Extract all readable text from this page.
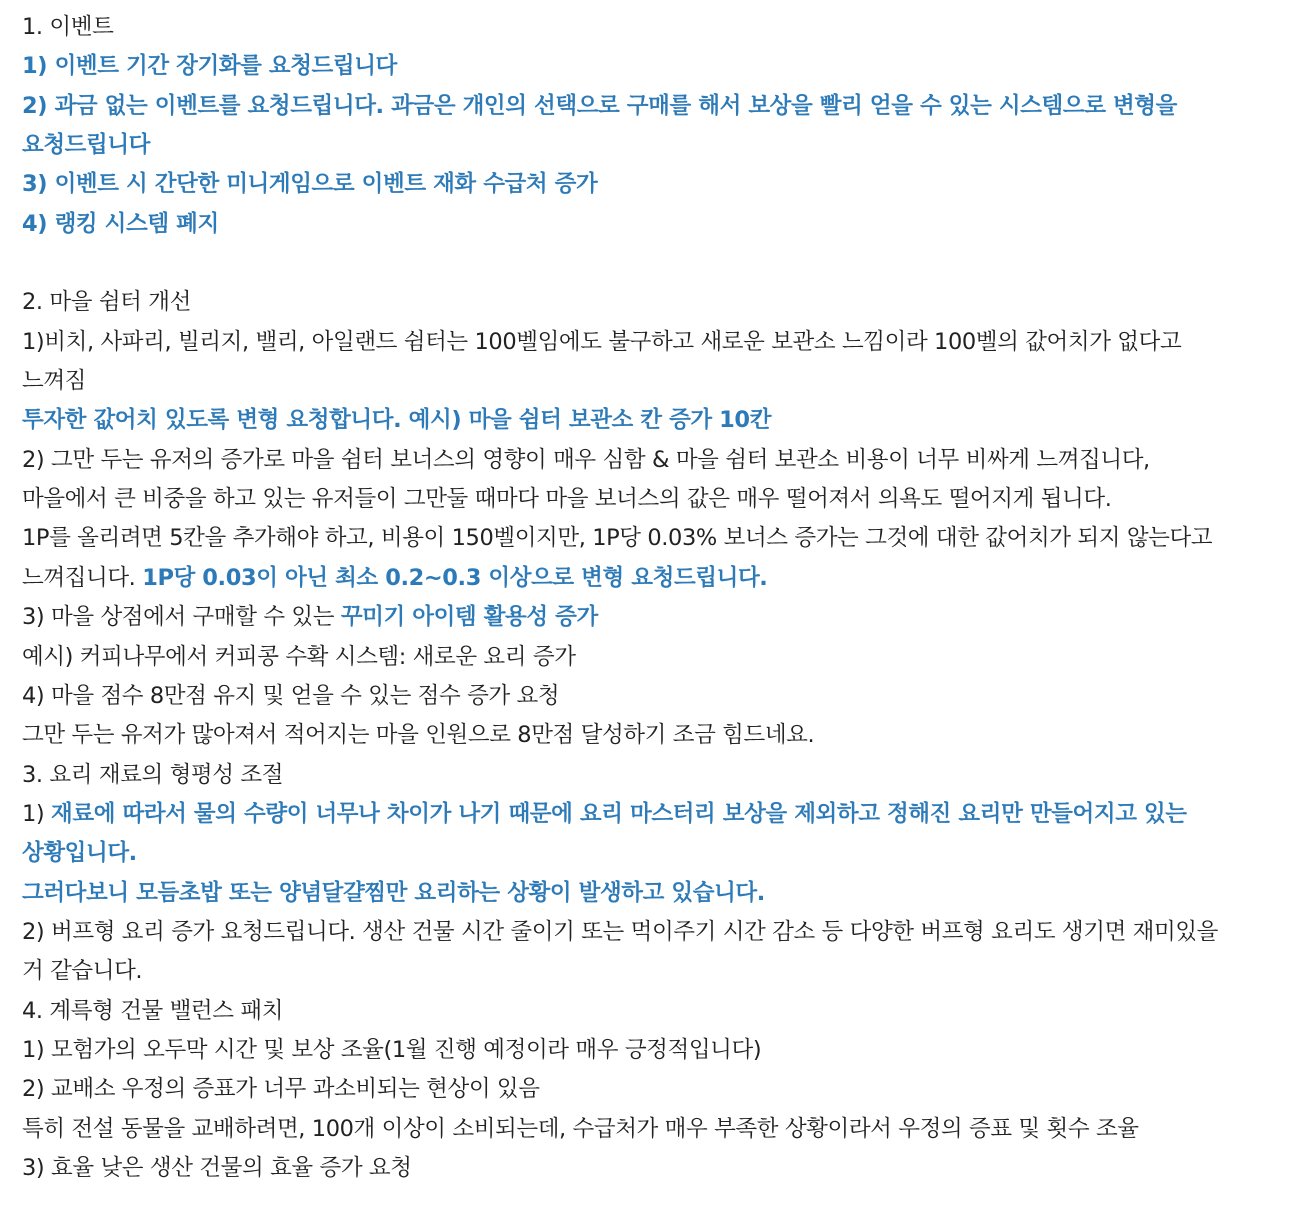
1. 이벤트
1) 이벤트 기간 장기화를 요청드립니다
2) 과금 없는 이벤트를 요청드립니다. 과금은 개인의 선택으로 구매를 해서 보상을 빨리 얻을 수 있는 시스템으로 변형을
요청드립니다
3) 이벤트 시 간단한 미니게임으로 이벤트 재화 수급처 증가
4) 랭킹 시스템 폐지
2. 마을 쉼터 개선
1)비치, 사파리, 빌리지, 밸리, 아일랜드 쉼터는 100벨임에도 불구하고 새로운 보관소 느낌이라 100벨의 값어치가 없다고
느껴짐
투자한 값어치 있도록 변형 요청합니다. 예시) 마을 쉼터 보관소 칸 증가 10칸
2) 그만 두는 유저의 증가로 마을 쉼터 보너스의 영향이 매우 심함 & 마을 쉼터 보관소 비용이 너무 비싸게 느껴집니다,
마을에서 큰 비중을 하고 있는 유저들이 그만둘 때마다 마을 보너스의 값은 매우 떨어져서 의욕도 떨어지게 됩니다.
1P를 올리려면 5칸을 추가해야 하고, 비용이 150벨이지만, 1P당 0.03% 보너스 증가는 그것에 대한 값어치가 되지 않는다고
느껴집니다. 1P당 0.03이 아닌 최소 0.2~0.3 이상으로 변형 요청드립니다.
3) 마을 상점에서 구매할 수 있는 꾸미기 아이템 활용성 증가
예시) 커피나무에서 커피콩 수확 시스템: 새로운 요리 증가
4) 마을 점수 8만점 유지 및 얻을 수 있는 점수 증가 요청
그만 두는 유저가 많아져서 적어지는 마을 인원으로 8만점 달성하기 조금 힘드네요.
3. 요리 재료의 형평성 조절
1) 재료에 따라서 물의 수량이 너무나 차이가 나기 때문에 요리 마스터리 보상을 제외하고 정해진 요리만 만들어지고 있는
상황입니다.
그러다보니 모듬초밥 또는 양념달걀찜만 요리하는 상황이 발생하고 있습니다.
2) 버프형 요리 증가 요청드립니다. 생산 건물 시간 줄이기 또는 먹이주기 시간 감소 등 다양한 버프형 요리도 생기면 재미있을
거 같습니다.
4. 계륵형 건물 밸런스 패치
1) 모험가의 오두막 시간 및 보상 조율(1월 진행 예정이라 매우 긍정적입니다)
2) 교배소 우정의 증표가 너무 과소비되는 현상이 있음
특히 전설 동물을 교배하려면, 100개 이상이 소비되는데, 수급처가 매우 부족한 상황이라서 우정의 증표 및 횟수 조율
3) 효율 낮은 생산 건물의 효율 증가 요청
